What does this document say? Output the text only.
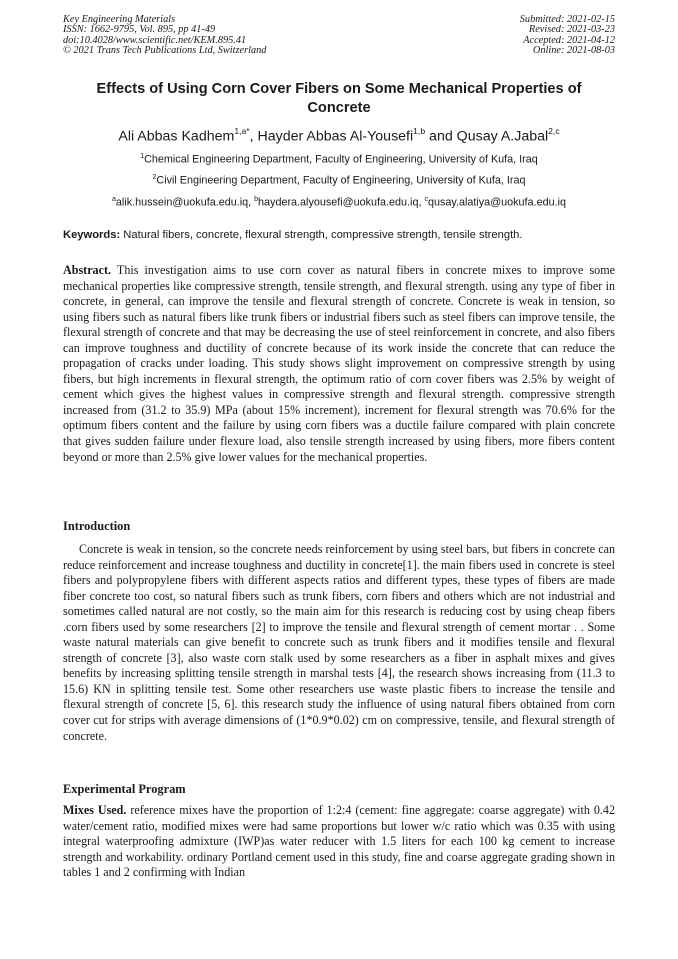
Key Engineering Materials
ISSN: 1662-9795, Vol. 895, pp 41-49
doi:10.4028/www.scientific.net/KEM.895.41
© 2021 Trans Tech Publications Ltd, Switzerland
Submitted: 2021-02-15
Revised: 2021-03-23
Accepted: 2021-04-12
Online: 2021-08-03
Effects of Using Corn Cover Fibers on Some Mechanical Properties of Concrete
Ali Abbas Kadhem$^{1,a*}$, Hayder Abbas Al-Yousefi$^{1,b}$ and Qusay A.Jabal$^{2,c}$
$^1$Chemical Engineering Department, Faculty of Engineering, University of Kufa, Iraq
$^2$Civil Engineering Department, Faculty of Engineering, University of Kufa, Iraq
$^a$alik.hussein@uokufa.edu.iq, $^b$haydera.alyousefi@uokufa.edu.iq, $^c$qusay.alatiya@uokufa.edu.iq
Keywords: Natural fibers, concrete, flexural strength, compressive strength, tensile strength.
Abstract. This investigation aims to use corn cover as natural fibers in concrete mixes to improve some mechanical properties like compressive strength, tensile strength, and flexural strength. using any type of fiber in concrete, in general, can improve the tensile and flexural strength of concrete. Concrete is weak in tension, so using fibers such as natural fibers like trunk fibers or industrial fibers such as steel fibers can improve tensile, the flexural strength of concrete and that may be decreasing the use of steel reinforcement in concrete, and also fibers can improve toughness and ductility of concrete because of its work inside the concrete that can reduce the propagation of cracks under loading. This study shows slight improvement on compressive strength by using fibers, but high increments in flexural strength, the optimum ratio of corn cover fibers was 2.5% by weight of cement which gives the highest values in compressive strength and flexural strength. compressive strength increased from (31.2 to 35.9) MPa (about 15% increment), increment for flexural strength was 70.6% for the optimum fibers content and the failure by using corn fibers was a ductile failure compared with plain concrete that gives sudden failure under flexure load, also tensile strength increased by using fibers, more fibers content beyond or more than 2.5% give lower values for the mechanical properties.
Introduction
Concrete is weak in tension, so the concrete needs reinforcement by using steel bars, but fibers in concrete can reduce reinforcement and increase toughness and ductility in concrete[1]. the main fibers used in concrete is steel fibers and polypropylene fibers with different aspects ratios and different types, these types of fibers are made fiber concrete too cost, so natural fibers such as trunk fibers, corn fibers and others which are not industrial and sometimes called natural are not costly, so the main aim for this research is reducing cost by using cheap fibers .corn fibers used by some researchers [2] to improve the tensile and flexural strength of cement mortar . . Some waste natural materials can give benefit to concrete such as trunk fibers and it modifies tensile and flexural strength of concrete [3], also waste corn stalk used by some researchers as a fiber in asphalt mixes and gives benefits by increasing splitting tensile strength in marshal tests [4], the research shows increasing from (11.3 to 15.6) KN in splitting tensile test. Some other researchers use waste plastic fibers to increase the tensile and flexural strength of concrete [5, 6]. this research study the influence of using natural fibers obtained from corn cover cut for strips with average dimensions of (1*0.9*0.02) cm on compressive, tensile, and flexural strength of concrete.
Experimental Program
Mixes Used. reference mixes have the proportion of 1:2:4 (cement: fine aggregate: coarse aggregate) with 0.42 water/cement ratio, modified mixes were had same proportions but lower w/c ratio which was 0.35 with using integral waterproofing admixture (IWP)as water reducer with 1.5 liters for each 100 kg cement to increase strength and workability. ordinary Portland cement used in this study, fine and coarse aggregate grading shown in tables 1 and 2 confirming with Indian
